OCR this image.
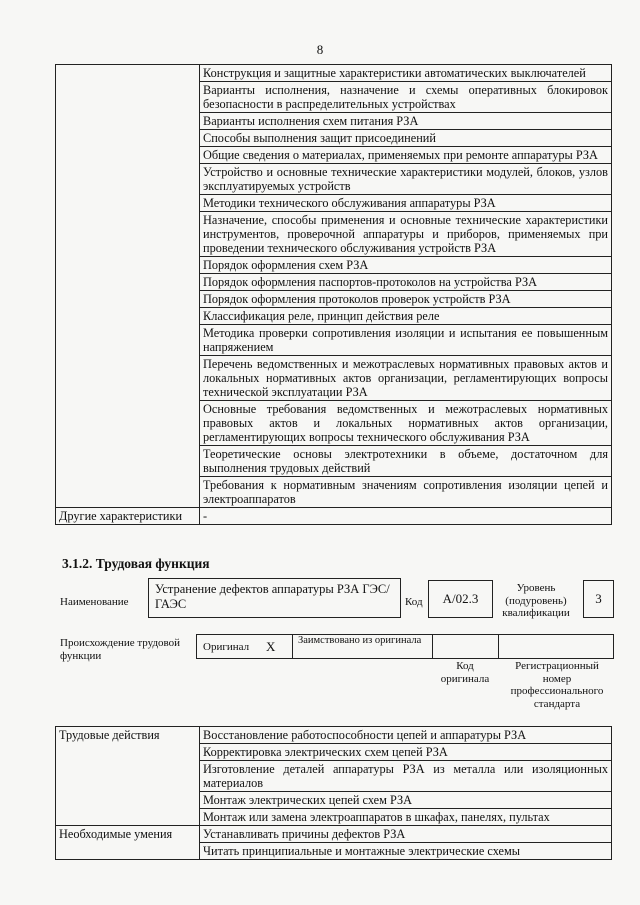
8
	Конструкция и защитные характеристики автоматических выключателей
	Варианты исполнения, назначение и схемы оперативных блокировок безопасности в распределительных устройствах
	Варианты исполнения схем питания РЗА
	Способы выполнения защит присоединений
	Общие сведения о материалах, применяемых при ремонте аппаратуры РЗА
	Устройство и основные технические характеристики модулей, блоков, узлов эксплуатируемых устройств
	Методики технического обслуживания аппаратуры РЗА
	Назначение, способы применения и основные технические характеристики инструментов, проверочной аппаратуры и приборов, применяемых при проведении технического обслуживания устройств РЗА
	Порядок оформления схем РЗА
	Порядок оформления паспортов-протоколов на устройства РЗА
	Порядок оформления протоколов проверок устройств РЗА
	Классификация реле, принцип действия реле
	Методика проверки сопротивления изоляции и испытания ее повышенным напряжением
	Перечень ведомственных и межотраслевых нормативных правовых актов и локальных нормативных актов организации, регламентирующих вопросы технической эксплуатации РЗА
	Основные требования ведомственных и межотраслевых нормативных правовых актов и локальных нормативных актов организации, регламентирующих вопросы технического обслуживания РЗА
	Теоретические основы электротехники в объеме, достаточном для выполнения трудовых действий
	Требования к нормативным значениям сопротивления изоляции цепей и электроаппаратов
Другие характеристики	-
3.1.2. Трудовая функция
Наименование
Устранение дефектов аппаратуры РЗА ГЭС/ГАЭС	Код	А/02.3
Уровень (подуровень) квалификации
3
Происхождение трудовой функции
Оригинал X Заимствовано из оригинала
Код оригинала
Регистрационный номер профессионального стандарта
Трудовые действия	Восстановление работоспособности цепей и аппаратуры РЗА
	Корректировка электрических схем цепей РЗА
	Изготовление деталей аппаратуры РЗА из металла или изоляционных материалов
	Монтаж электрических цепей схем РЗА
	Монтаж или замена электроаппаратов в шкафах, панелях, пультах
Необходимые умения	Устанавливать причины дефектов РЗА
	Читать принципиальные и монтажные электрические схемы
